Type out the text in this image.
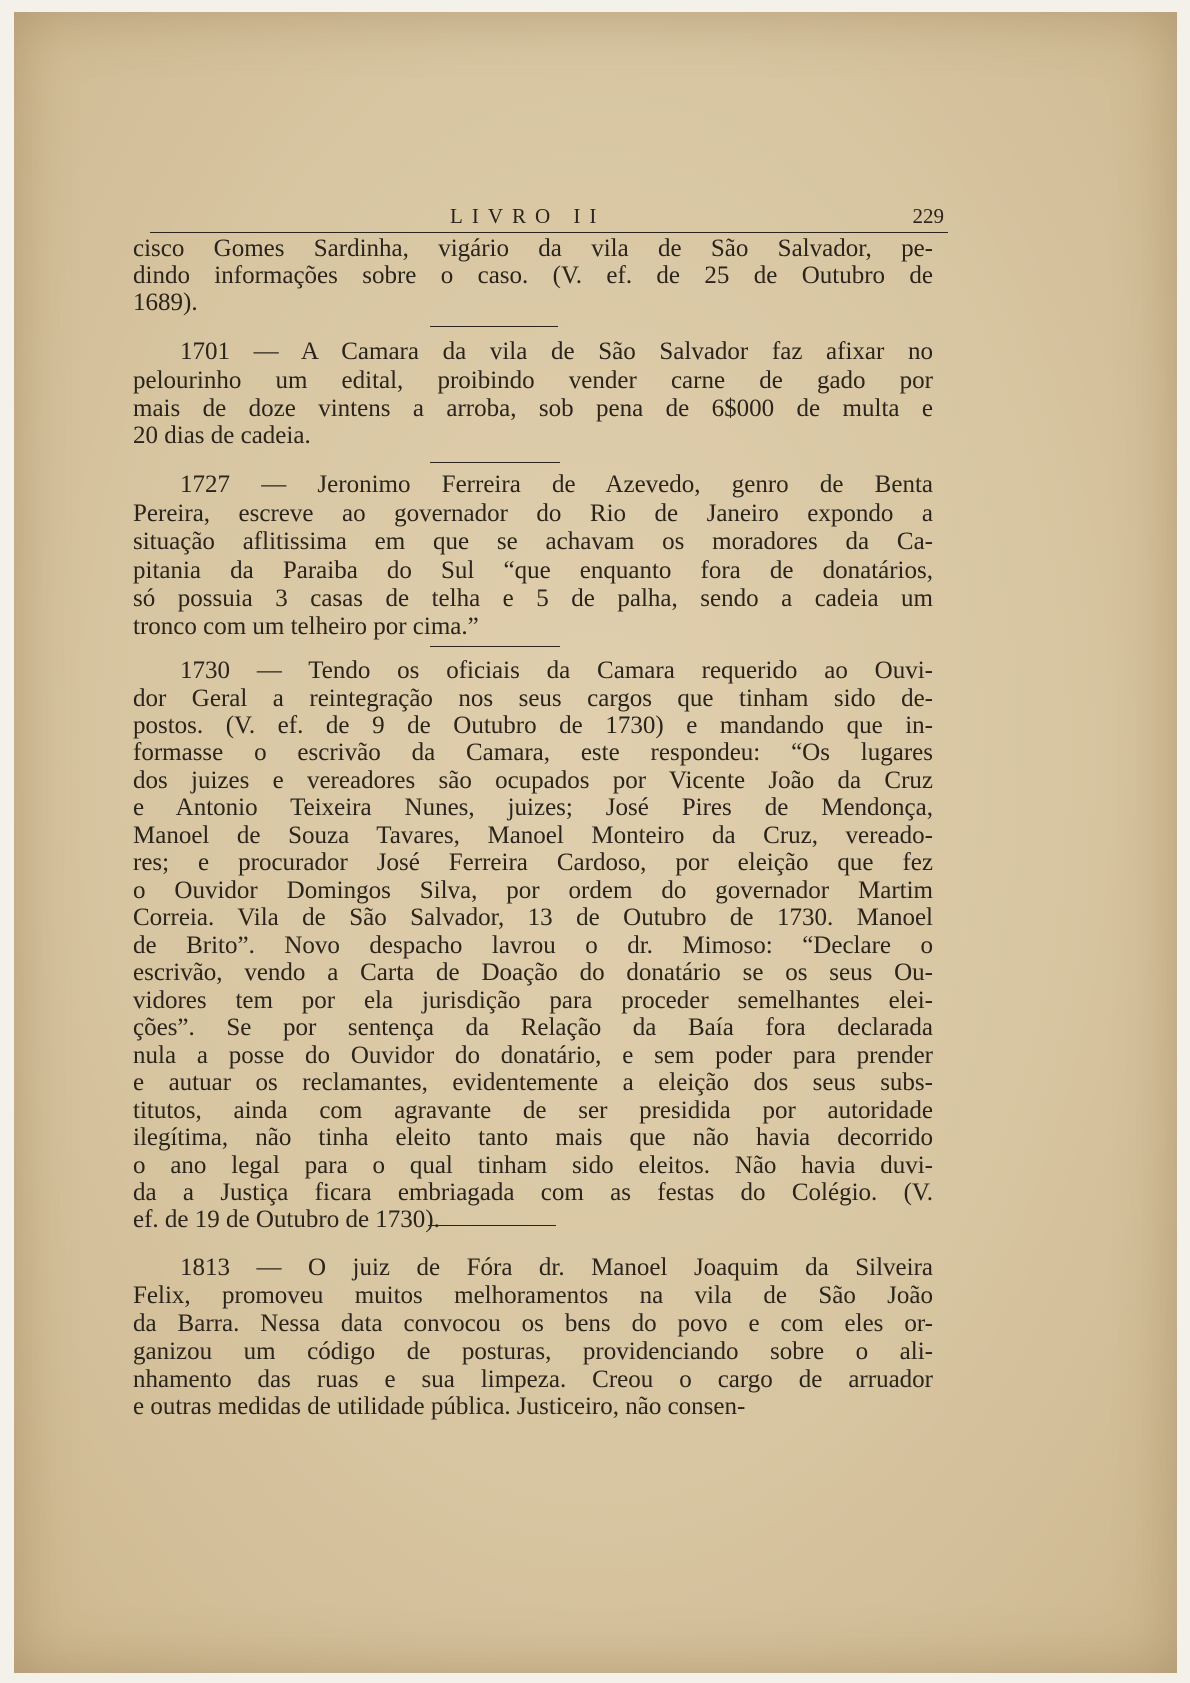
LIVRO II	229

cisco Gomes Sardinha, vigário da vila de São Salvador, pe-

dindo informações sobre o caso. (V. ef. de 25 de Outubro de

1689).

1701 — A Camara da vila de São Salvador faz afixar no

pelourinho um edital, proibindo vender carne de gado por

mais de doze vintens a arroba, sob pena de 6$000 de multa e

20 dias de cadeia.

1727 — Jeronimo Ferreira de Azevedo, genro de Benta

Pereira, escreve ao governador do Rio de Janeiro expondo a

situação aflitissima em que se achavam os moradores da Ca-

pitania da Paraiba do Sul “que enquanto fora de donatários,

só possuia 3 casas de telha e 5 de palha, sendo a cadeia um

tronco com um telheiro por cima.”

1730 — Tendo os oficiais da Camara requerido ao Ouvi-

dor Geral a reintegração nos seus cargos que tinham sido de-

postos. (V. ef. de 9 de Outubro de 1730) e mandando que in-

formasse o escrivão da Camara, este respondeu: “Os lugares

dos juizes e vereadores são ocupados por Vicente João da Cruz

e Antonio Teixeira Nunes, juizes; José Pires de Mendonça,

Manoel de Souza Tavares, Manoel Monteiro da Cruz, vereado-

res; e procurador José Ferreira Cardoso, por eleição que fez

o Ouvidor Domingos Silva, por ordem do governador Martim

Correia. Vila de São Salvador, 13 de Outubro de 1730. Manoel

de Brito”. Novo despacho lavrou o dr. Mimoso: “Declare o

escrivão, vendo a Carta de Doação do donatário se os seus Ou-

vidores tem por ela jurisdição para proceder semelhantes elei-

ções”. Se por sentença da Relação da Baía fora declarada

nula a posse do Ouvidor do donatário, e sem poder para prender

e autuar os reclamantes, evidentemente a eleição dos seus subs-

titutos, ainda com agravante de ser presidida por autoridade

ilegítima, não tinha eleito tanto mais que não havia decorrido

o ano legal para o qual tinham sido eleitos. Não havia duvi-

da a Justiça ficara embriagada com as festas do Colégio. (V.

ef. de 19 de Outubro de 1730).

1813 — O juiz de Fóra dr. Manoel Joaquim da Silveira

Felix, promoveu muitos melhoramentos na vila de São João

da Barra. Nessa data convocou os bens do povo e com eles or-

ganizou um código de posturas, providenciando sobre o ali-

nhamento das ruas e sua limpeza. Creou o cargo de arruador

e outras medidas de utilidade pública. Justiceiro, não consen-
